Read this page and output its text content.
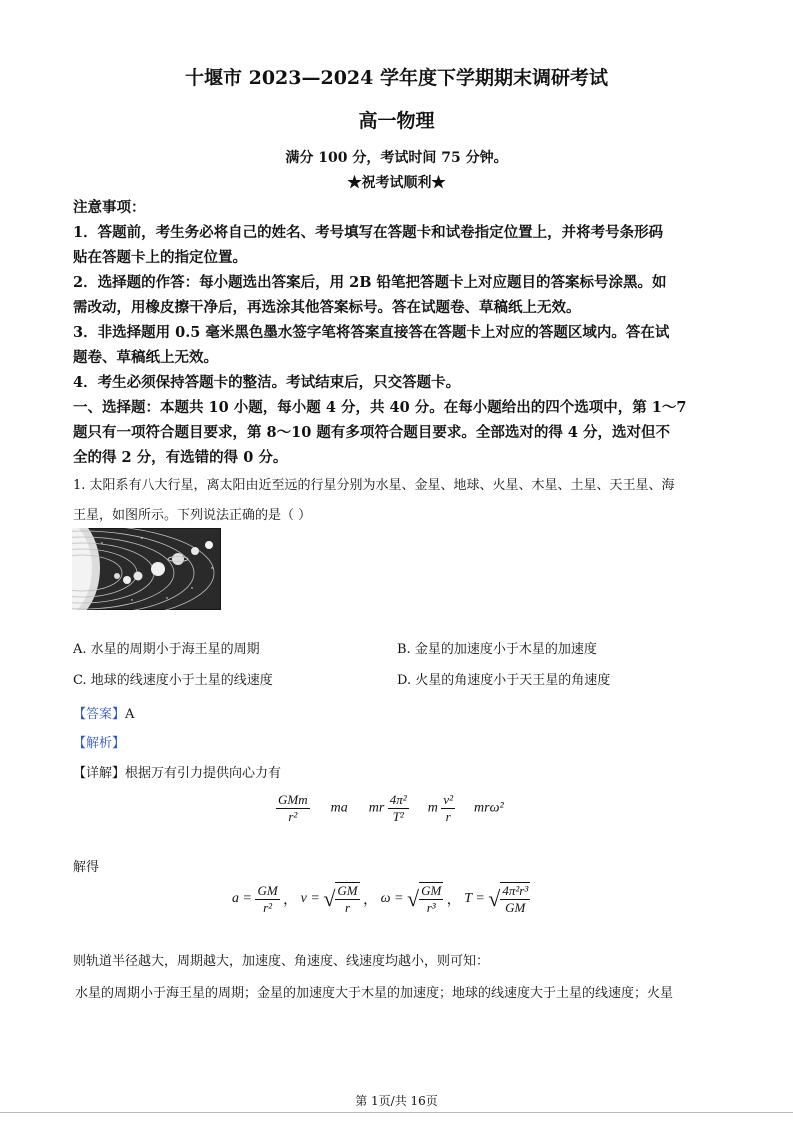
十堰市 2023—2024 学年度下学期期末调研考试
高一物理
满分 100 分，考试时间 75 分钟。
★祝考试顺利★
注意事项：
1．答题前，考生务必将自己的姓名、考号填写在答题卡和试卷指定位置上，并将考号条形码
贴在答题卡上的指定位置。
2．选择题的作答：每小题选出答案后，用 2B 铅笔把答题卡上对应题目的答案标号涂黑。如
需改动，用橡皮擦干净后，再选涂其他答案标号。答在试题卷、草稿纸上无效。
3．非选择题用 0.5 毫米黑色墨水签字笔将答案直接答在答题卡上对应的答题区域内。答在试
题卷、草稿纸上无效。
4．考生必须保持答题卡的整洁。考试结束后，只交答题卡。
一、选择题：本题共 10 小题，每小题 4 分，共 40 分。在每小题给出的四个选项中，第 1～7
题只有一项符合题目要求，第 8～10 题有多项符合题目要求。全部选对的得 4 分，选对但不
全的得 2 分，有选错的得 0 分。
1. 太阳系有八大行星，离太阳由近至远的行星分别为水星、金星、地球、火星、木星、土星、天王星、海
王星，如图所示。下列说法正确的是（ ）
A. 水星的周期小于海王星的周期	B. 金星的加速度小于木星的加速度
C. 地球的线速度小于土星的线速度	D. 火星的角速度小于天王星的角速度
【答案】A
【解析】
【详解】根据万有引力提供向心力有
$\frac{\text{GMm}}{\text{r²}}$ ma mr $\frac{\text{4π²}}{\text{T²}}$ m $\frac{\text{v²}}{r} mr\omega^2$
解得
$a = \frac{GM}{\text{r²}}$ ， v = √ $\frac{GM}{r}$ ， ω = √ $\frac{GM}{\text{r³}}$ ， T = √ $\frac{\text{4π²r³}}{GM}$
则轨道半径越大，周期越大，加速度、角速度、线速度均越小，则可知：
水星的周期小于海王星的周期；金星的加速度大于木星的加速度；地球的线速度大于土星的线速度；火星
第 1页/共 16页
